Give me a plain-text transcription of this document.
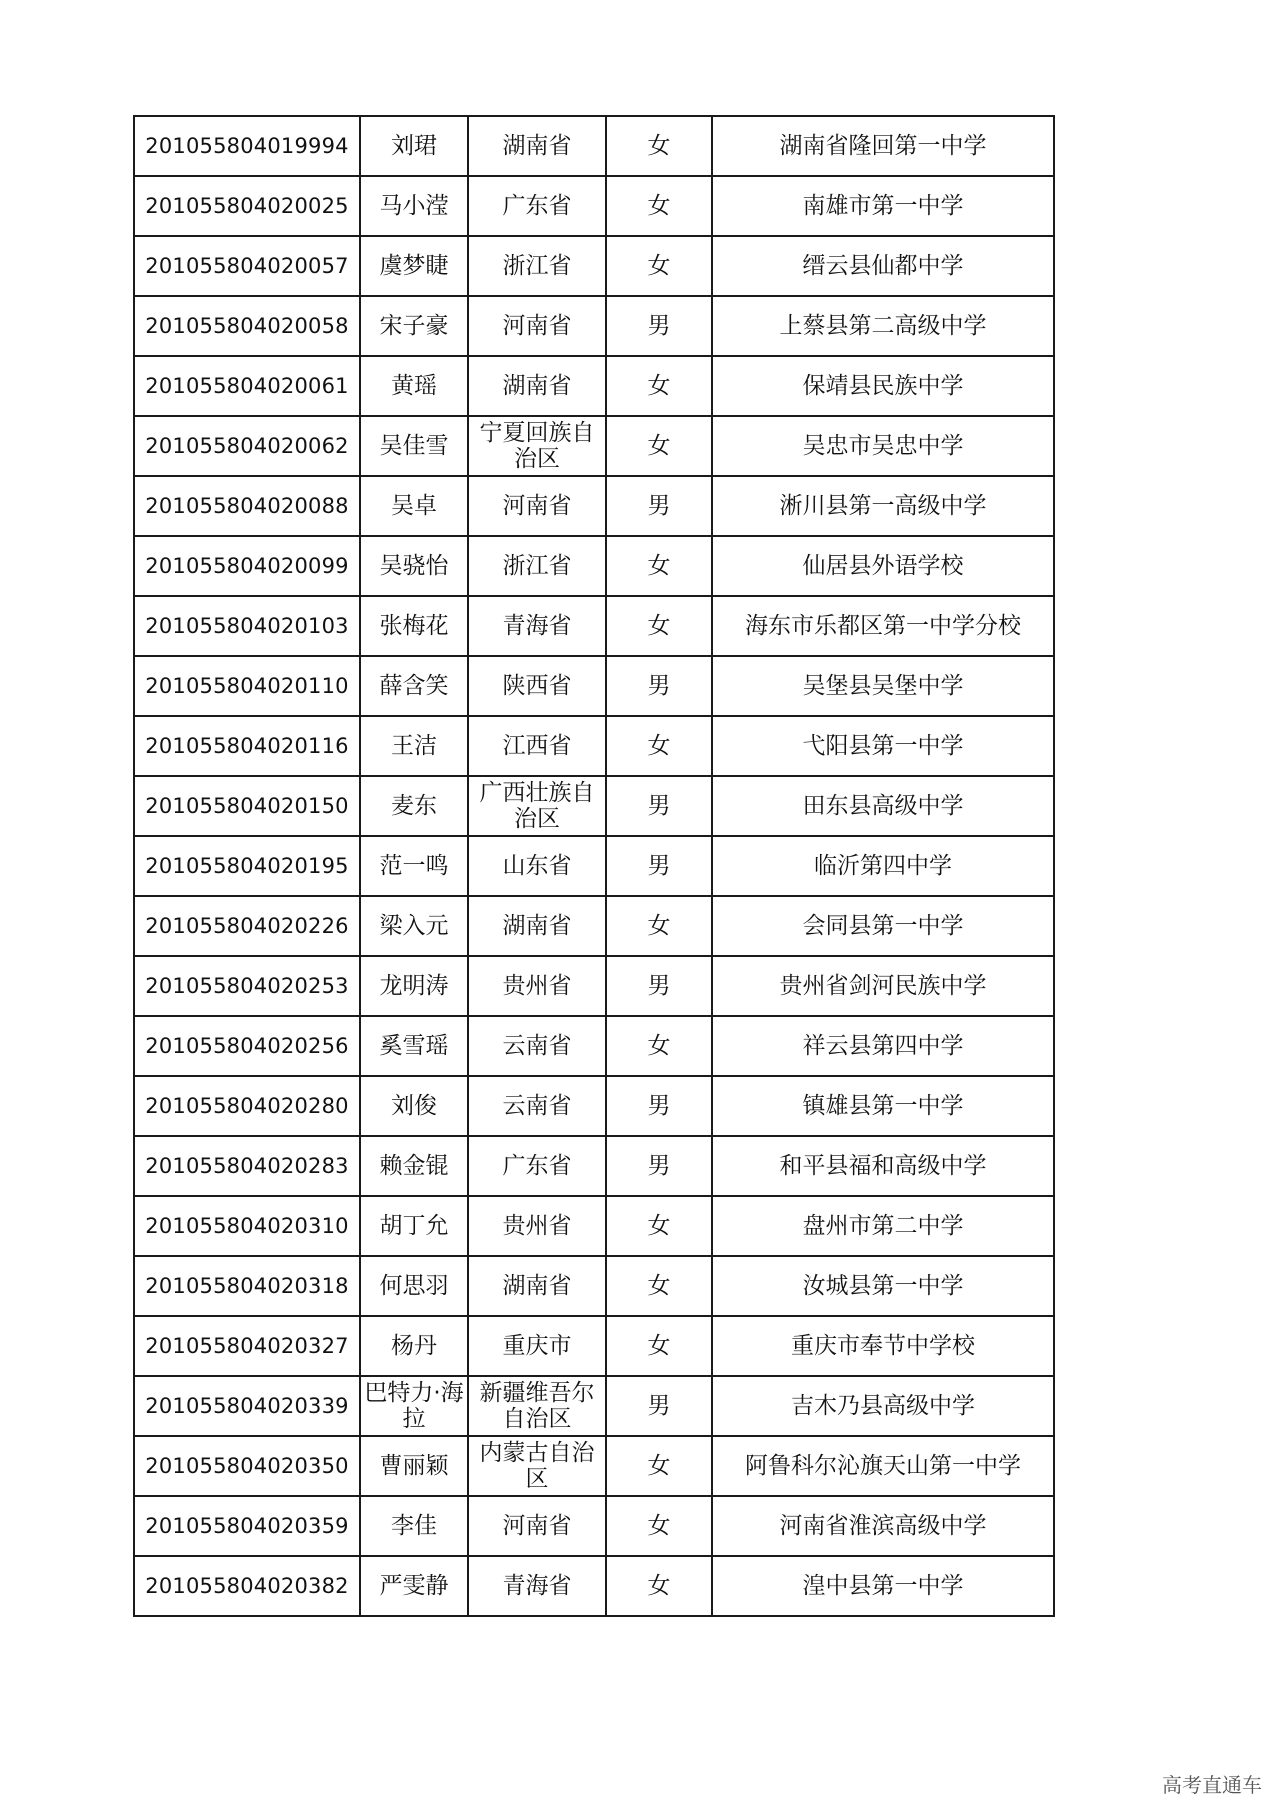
201055804019994	刘珺	湖南省	女	湖南省隆回第一中学
201055804020025	马小滢	广东省	女	南雄市第一中学
201055804020057	虞梦睫	浙江省	女	缙云县仙都中学
201055804020058	宋子豪	河南省	男	上蔡县第二高级中学
201055804020061	黄瑶	湖南省	女	保靖县民族中学
201055804020062	吴佳雪	宁夏回族自治区	女	吴忠市吴忠中学
201055804020088	吴卓	河南省	男	淅川县第一高级中学
201055804020099	吴骁怡	浙江省	女	仙居县外语学校
201055804020103	张梅花	青海省	女	海东市乐都区第一中学分校
201055804020110	薛含笑	陕西省	男	吴堡县吴堡中学
201055804020116	王洁	江西省	女	弋阳县第一中学
201055804020150	麦东	广西壮族自治区	男	田东县高级中学
201055804020195	范一鸣	山东省	男	临沂第四中学
201055804020226	梁入元	湖南省	女	会同县第一中学
201055804020253	龙明涛	贵州省	男	贵州省剑河民族中学
201055804020256	奚雪瑶	云南省	女	祥云县第四中学
201055804020280	刘俊	云南省	男	镇雄县第一中学
201055804020283	赖金锟	广东省	男	和平县福和高级中学
201055804020310	胡丁允	贵州省	女	盘州市第二中学
201055804020318	何思羽	湖南省	女	汝城县第一中学
201055804020327	杨丹	重庆市	女	重庆市奉节中学校
201055804020339	巴特力·海拉	新疆维吾尔自治区	男	吉木乃县高级中学
201055804020350	曹丽颖	内蒙古自治区	女	阿鲁科尔沁旗天山第一中学
201055804020359	李佳	河南省	女	河南省淮滨高级中学
201055804020382	严雯静	青海省	女	湟中县第一中学
高考直通车
